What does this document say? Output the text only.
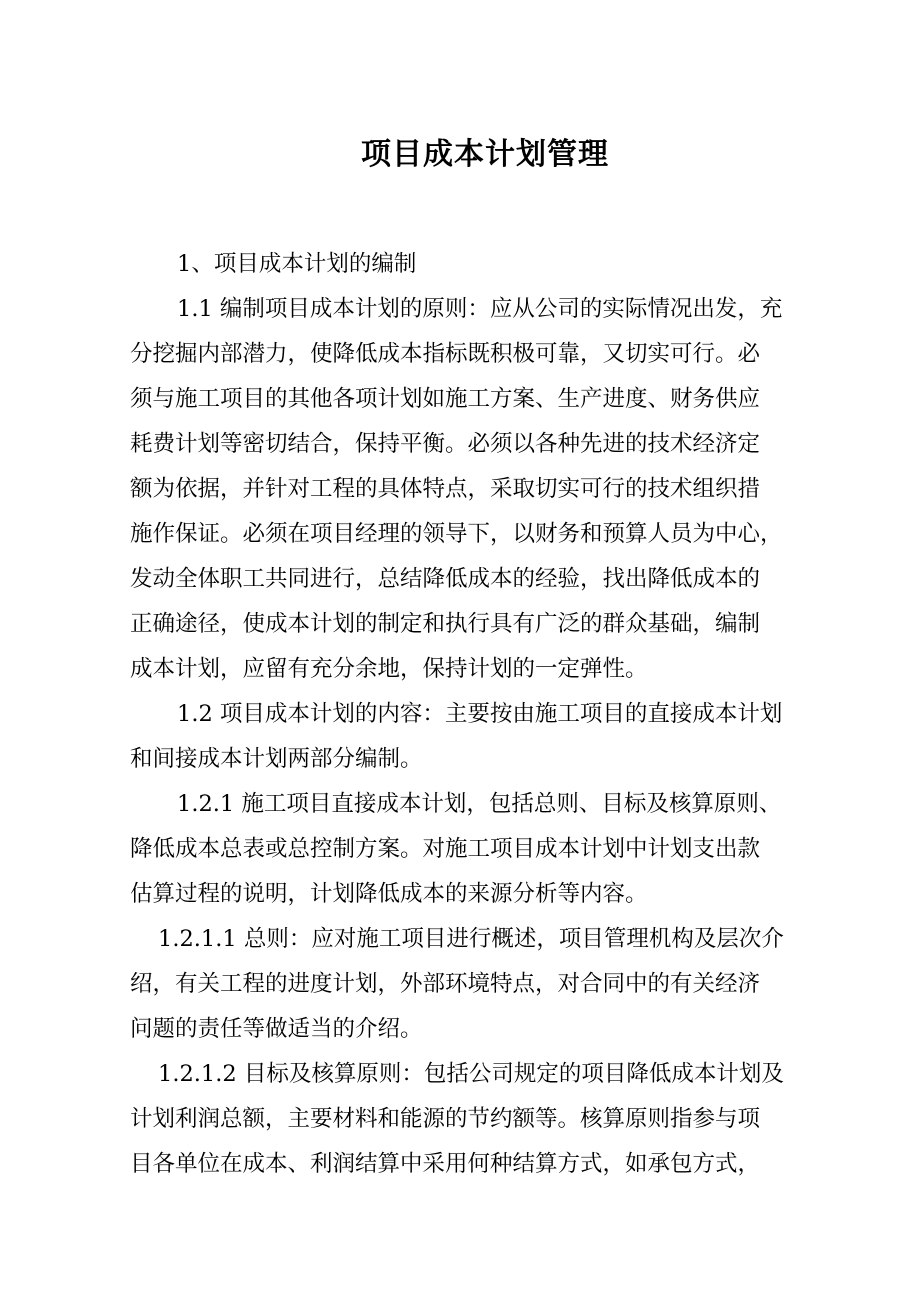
项目成本计划管理
1、项目成本计划的编制
1.1 编制项目成本计划的原则：应从公司的实际情况出发，充
分挖掘内部潜力，使降低成本指标既积极可靠，又切实可行。必
须与施工项目的其他各项计划如施工方案、生产进度、财务供应
耗费计划等密切结合，保持平衡。必须以各种先进的技术经济定
额为依据，并针对工程的具体特点，采取切实可行的技术组织措
施作保证。必须在项目经理的领导下，以财务和预算人员为中心，
发动全体职工共同进行，总结降低成本的经验，找出降低成本的
正确途径，使成本计划的制定和执行具有广泛的群众基础，编制
成本计划，应留有充分余地，保持计划的一定弹性。
1.2 项目成本计划的内容：主要按由施工项目的直接成本计划
和间接成本计划两部分编制。
1.2.1 施工项目直接成本计划，包括总则、目标及核算原则、
降低成本总表或总控制方案。对施工项目成本计划中计划支出款
估算过程的说明，计划降低成本的来源分析等内容。
1.2.1.1 总则：应对施工项目进行概述，项目管理机构及层次介
绍，有关工程的进度计划，外部环境特点，对合同中的有关经济
问题的责任等做适当的介绍。
1.2.1.2 目标及核算原则：包括公司规定的项目降低成本计划及
计划利润总额，主要材料和能源的节约额等。核算原则指参与项
目各单位在成本、利润结算中采用何种结算方式，如承包方式，
